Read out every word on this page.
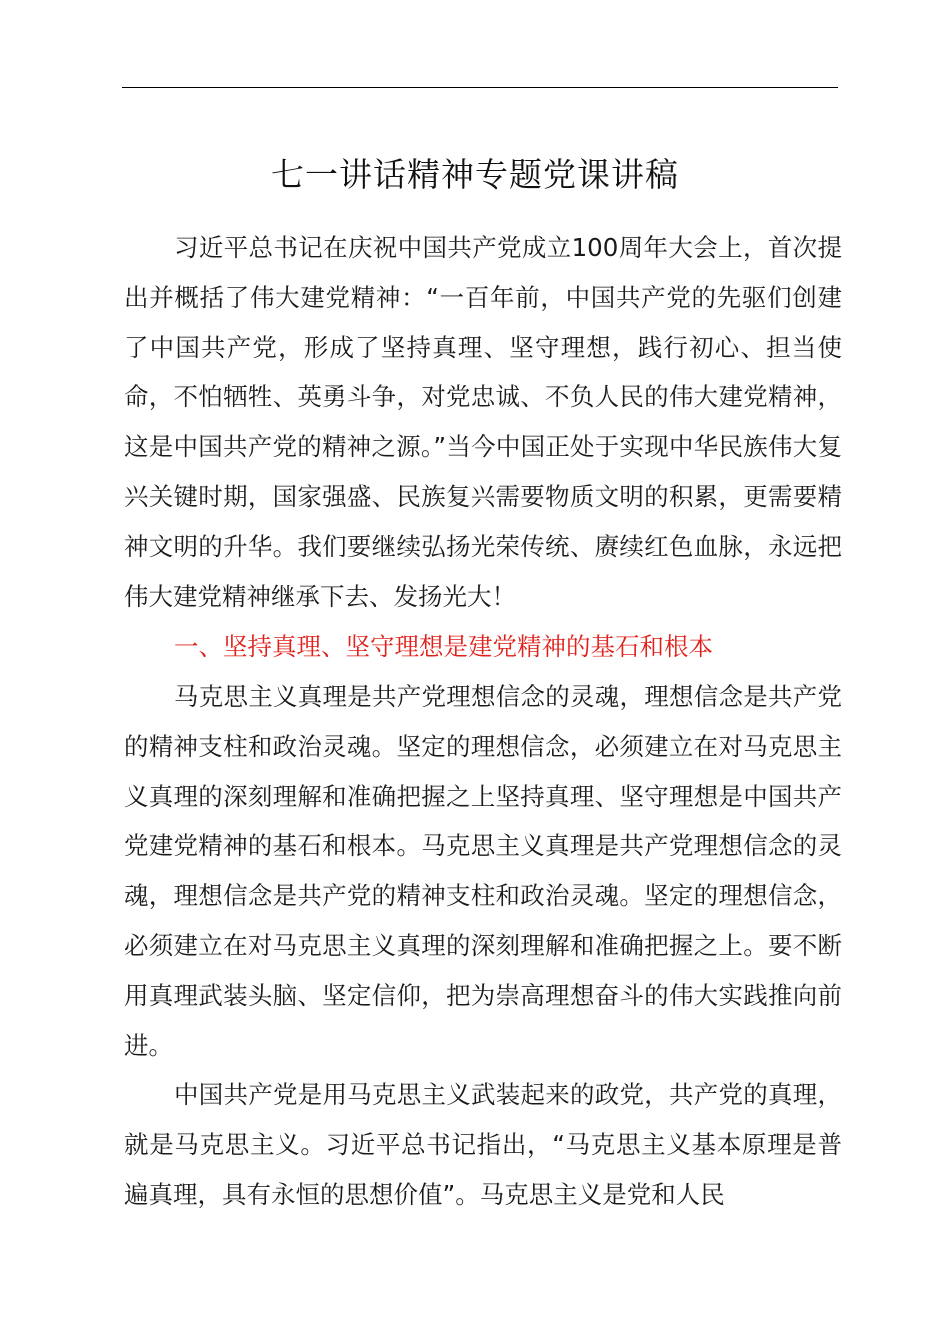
七一讲话精神专题党课讲稿

习近平总书记在庆祝中国共产党成立100周年大会上，首次提出并概括了伟大建党精神：“一百年前，中国共产党的先驱们创建了中国共产党，形成了坚持真理、坚守理想，践行初心、担当使命，不怕牺牲、英勇斗争，对党忠诚、不负人民的伟大建党精神，这是中国共产党的精神之源。”当今中国正处于实现中华民族伟大复兴关键时期，国家强盛、民族复兴需要物质文明的积累，更需要精神文明的升华。我们要继续弘扬光荣传统、赓续红色血脉，永远把伟大建党精神继承下去、发扬光大！

一、坚持真理、坚守理想是建党精神的基石和根本

马克思主义真理是共产党理想信念的灵魂，理想信念是共产党的精神支柱和政治灵魂。坚定的理想信念，必须建立在对马克思主义真理的深刻理解和准确把握之上坚持真理、坚守理想是中国共产党建党精神的基石和根本。马克思主义真理是共产党理想信念的灵魂，理想信念是共产党的精神支柱和政治灵魂。坚定的理想信念，必须建立在对马克思主义真理的深刻理解和准确把握之上。要不断用真理武装头脑、坚定信仰，把为崇高理想奋斗的伟大实践推向前进。

中国共产党是用马克思主义武装起来的政党，共产党的真理，就是马克思主义。习近平总书记指出，“马克思主义基本原理是普遍真理，具有永恒的思想价值”。马克思主义是党和人民
